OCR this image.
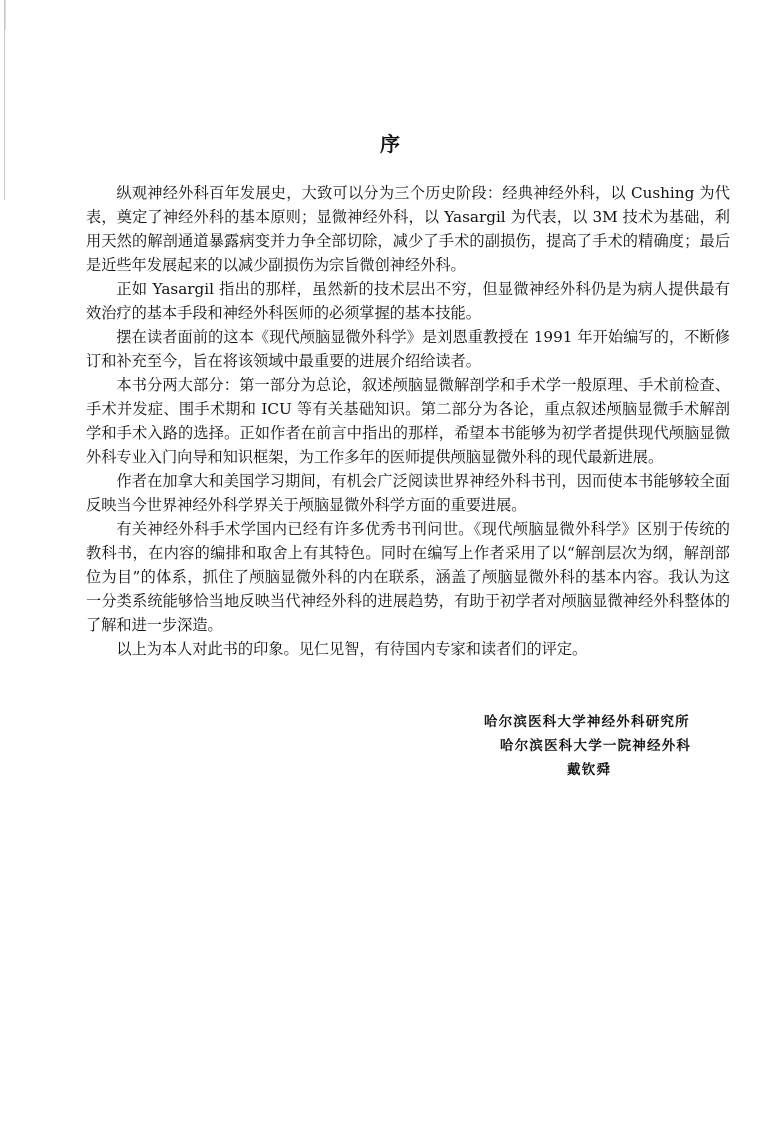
序

纵观神经外科百年发展史，大致可以分为三个历史阶段：经典神经外科，以 Cushing 为代表，奠定了神经外科的基本原则；显微神经外科，以 Yasargil 为代表，以 3M 技术为基础，利用天然的解剖通道暴露病变并力争全部切除，减少了手术的副损伤，提高了手术的精确度；最后是近些年发展起来的以减少副损伤为宗旨微创神经外科。

正如 Yasargil 指出的那样，虽然新的技术层出不穷，但显微神经外科仍是为病人提供最有效治疗的基本手段和神经外科医师的必须掌握的基本技能。

摆在读者面前的这本《现代颅脑显微外科学》是刘恩重教授在 1991 年开始编写的，不断修订和补充至今，旨在将该领域中最重要的进展介绍给读者。

本书分两大部分：第一部分为总论，叙述颅脑显微解剖学和手术学一般原理、手术前检查、手术并发症、围手术期和 ICU 等有关基础知识。第二部分为各论，重点叙述颅脑显微手术解剖学和手术入路的选择。正如作者在前言中指出的那样，希望本书能够为初学者提供现代颅脑显微外科专业入门向导和知识框架，为工作多年的医师提供颅脑显微外科的现代最新进展。

作者在加拿大和美国学习期间，有机会广泛阅读世界神经外科书刊，因而使本书能够较全面反映当今世界神经外科学界关于颅脑显微外科学方面的重要进展。

有关神经外科手术学国内已经有许多优秀书刊问世。《现代颅脑显微外科学》区别于传统的教科书，在内容的编排和取舍上有其特色。同时在编写上作者采用了以“解剖层次为纲，解剖部位为目”的体系，抓住了颅脑显微外科的内在联系，涵盖了颅脑显微外科的基本内容。我认为这一分类系统能够恰当地反映当代神经外科的进展趋势，有助于初学者对颅脑显微神经外科整体的了解和进一步深造。

以上为本人对此书的印象。见仁见智，有待国内专家和读者们的评定。

哈尔滨医科大学神经外科研究所
哈尔滨医科大学一院神经外科
戴钦舜
